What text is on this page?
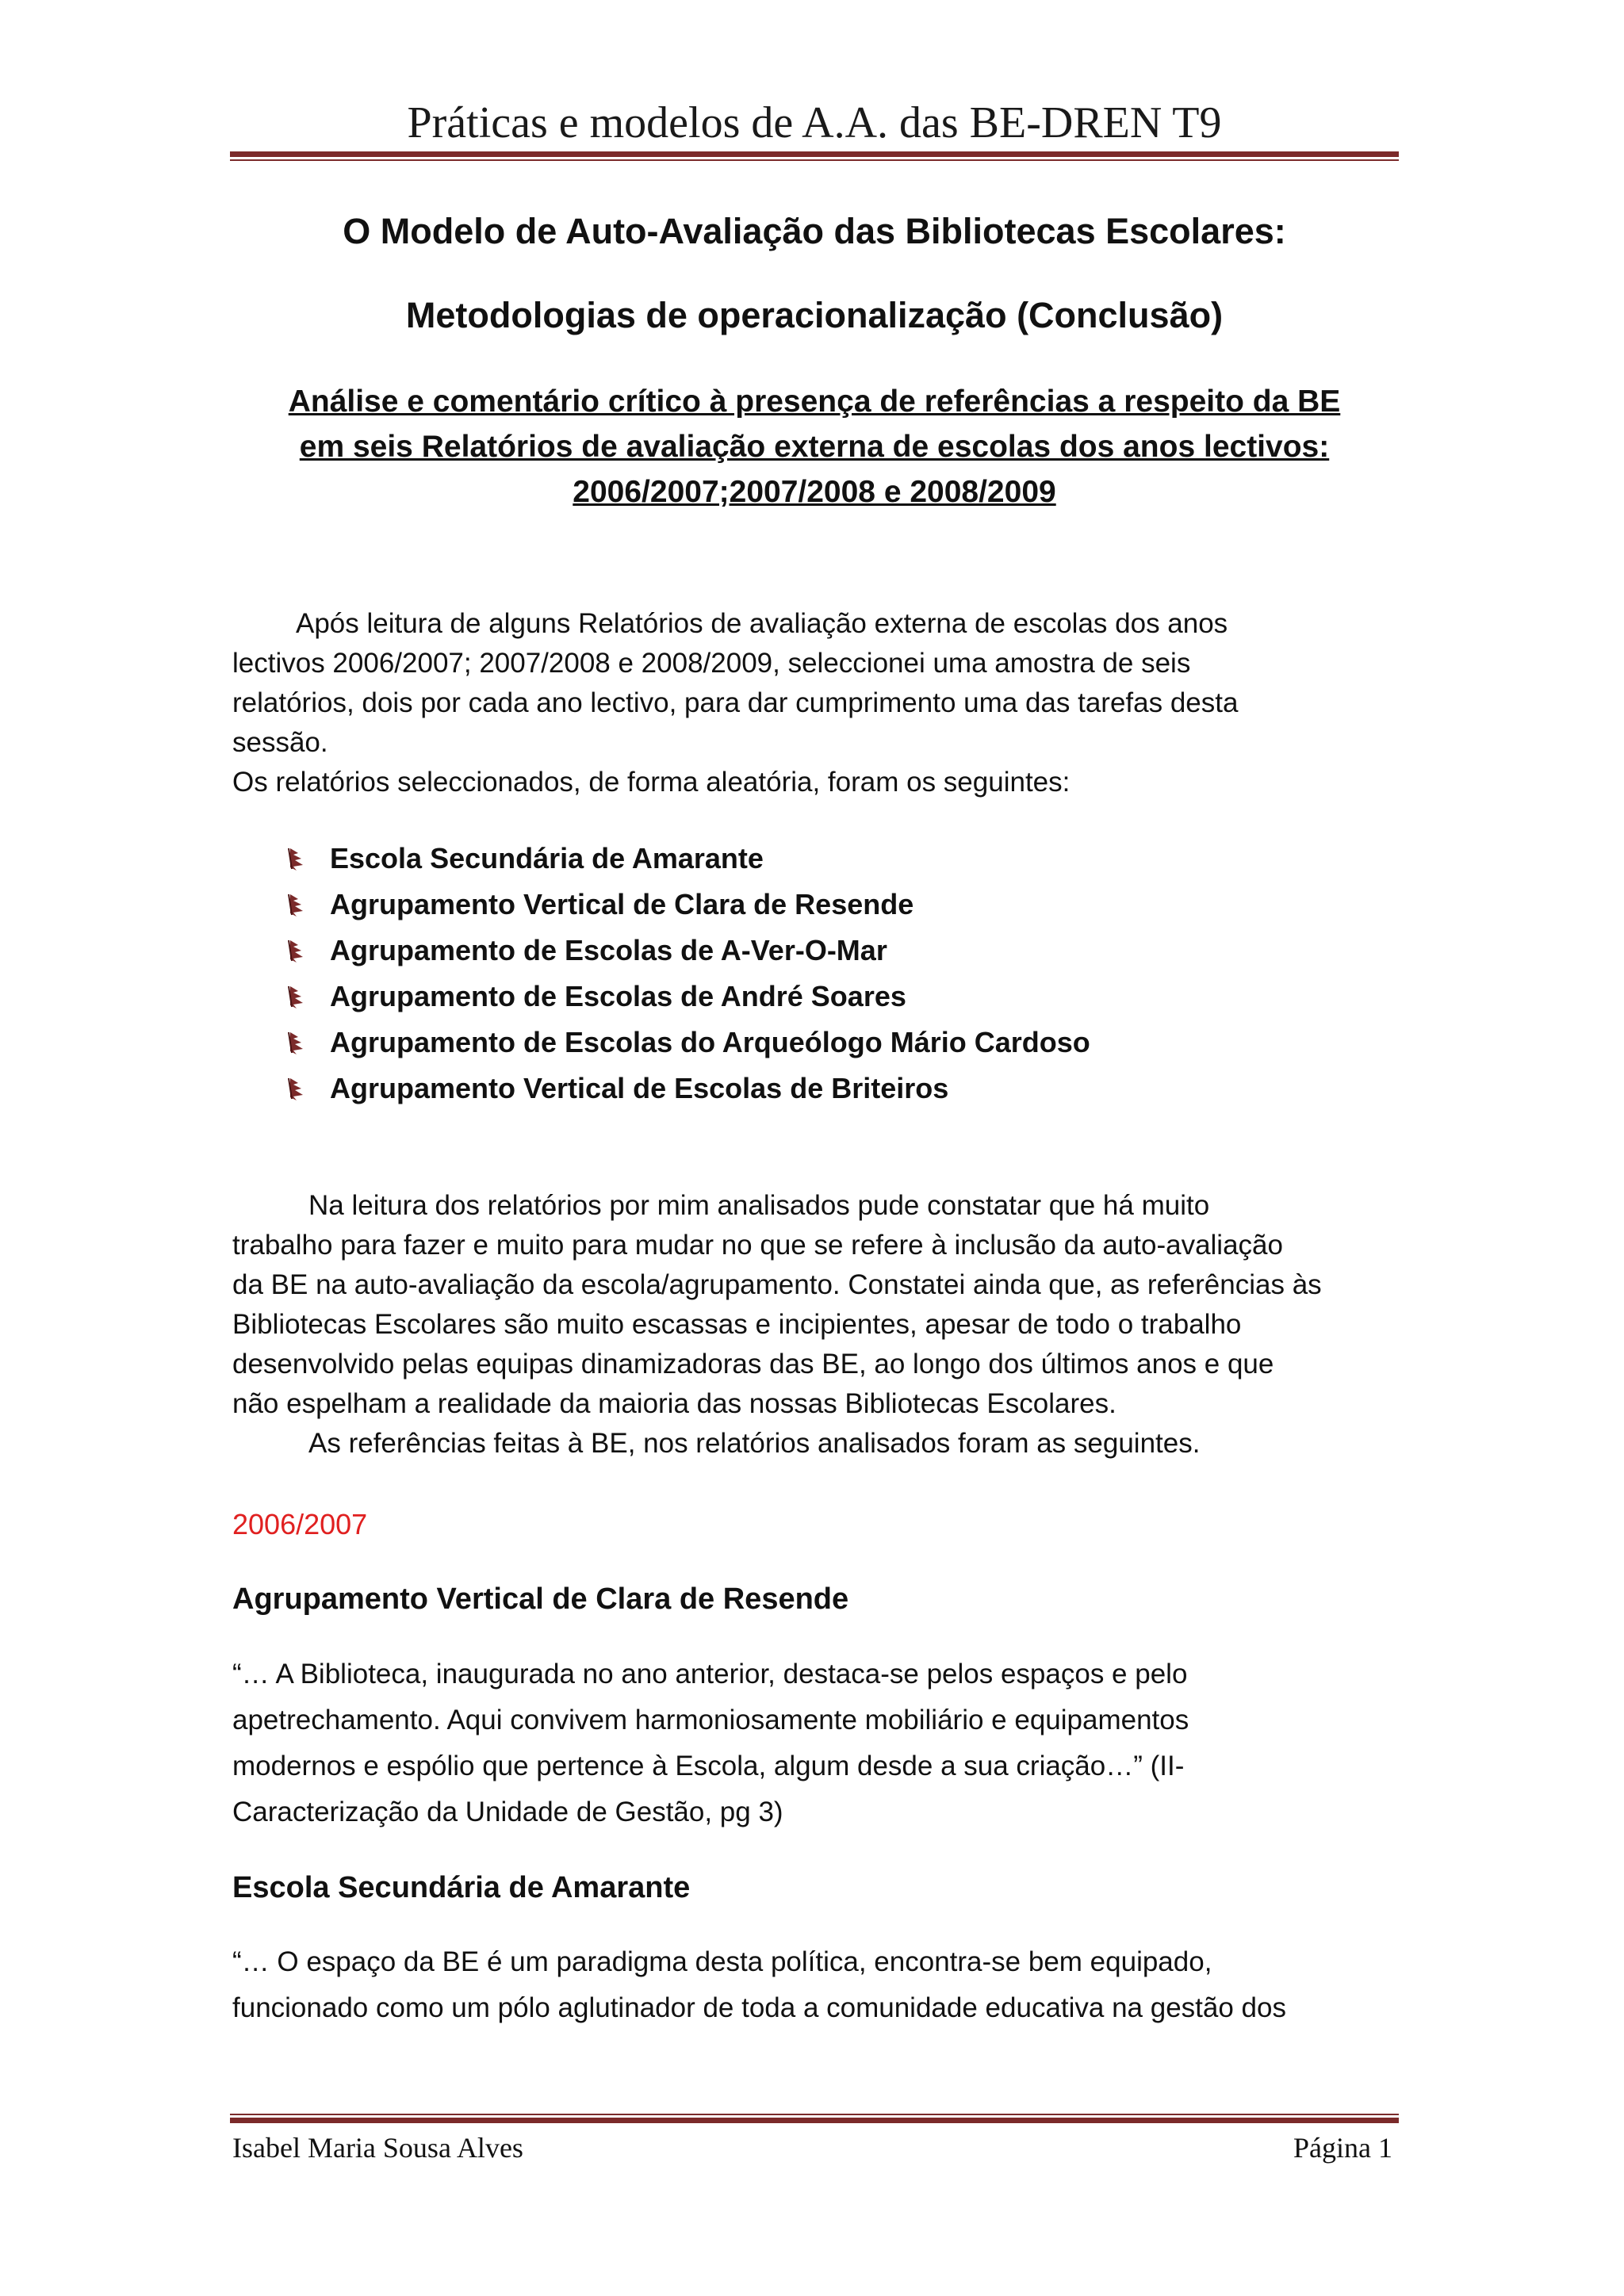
Práticas e modelos de A.A. das BE-DREN T9
O Modelo de Auto-Avaliação das Bibliotecas Escolares:
Metodologias de operacionalização (Conclusão)
Análise e comentário crítico à presença de referências a respeito da BE
em seis Relatórios de avaliação externa de escolas dos anos lectivos:
2006/2007;2007/2008 e 2008/2009
Após leitura de alguns Relatórios de avaliação externa de escolas dos anos
lectivos 2006/2007; 2007/2008 e 2008/2009, seleccionei uma amostra de seis
relatórios, dois por cada ano lectivo, para dar cumprimento uma das tarefas desta
sessão.
Os relatórios seleccionados, de forma aleatória, foram os seguintes:
Escola Secundária de Amarante
Agrupamento Vertical de Clara de Resende
Agrupamento de Escolas de A-Ver-O-Mar
Agrupamento de Escolas de André Soares
Agrupamento de Escolas do Arqueólogo Mário Cardoso
Agrupamento Vertical de Escolas de Briteiros
Na leitura dos relatórios por mim analisados pude constatar que há muito
trabalho para fazer e muito para mudar no que se refere à inclusão da auto-avaliação
da BE na auto-avaliação da escola/agrupamento. Constatei ainda que, as referências às
Bibliotecas Escolares são muito escassas e incipientes, apesar de todo o trabalho
desenvolvido pelas equipas dinamizadoras das BE, ao longo dos últimos anos e que
não espelham a realidade da maioria das nossas Bibliotecas Escolares.
As referências feitas à BE, nos relatórios analisados foram as seguintes.
2006/2007
Agrupamento Vertical de Clara de Resende
“… A Biblioteca, inaugurada no ano anterior, destaca-se pelos espaços e pelo
apetrechamento. Aqui convivem harmoniosamente mobiliário e equipamentos
modernos e espólio que pertence à Escola, algum desde a sua criação…” (II-
Caracterização da Unidade de Gestão, pg 3)
Escola Secundária de Amarante
“… O espaço da BE é um paradigma desta política, encontra-se bem equipado,
funcionado como um pólo aglutinador de toda a comunidade educativa na gestão dos
Isabel Maria Sousa Alves	Página 1
